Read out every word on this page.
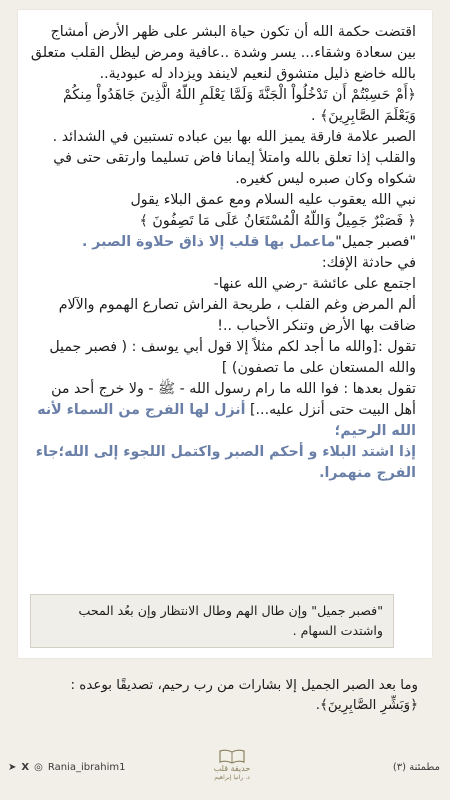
اقتضت حكمة الله أن تكون حياة البشر على ظهر الأرض أمشاج بين سعادة وشقاء... يسر وشدة ..عافية ومرض ليظل القلب متعلق بالله خاضع ذليل متشوق لنعيم لاينفد ويزداد له عبودية..

﴿أَمْ حَسِبْتُمْ أَن تَدْخُلُواْ الْجَنَّةَ وَلَمَّا يَعْلَمِ اللّهُ الَّذِينَ جَاهَدُواْ مِنكُمْ وَيَعْلَمَ الصَّابِرِينَ﴾ .

الصبر علامة فارقة يميز الله بها بين عباده تستبين في الشدائد .

والقلب إذا تعلق بالله وامتلأ إيمانا فاض تسليما وارتقى حتى في شكواه وكان صبره ليس كغيره.

نبي الله يعقوب عليه السلام ومع عمق البلاء يقول

﴿ فَصَبْرٌ جَمِيلٌ وَاللّهُ الْمُسْتَعَانُ عَلَى مَا تَصِفُونَ ﴾

"فصبر جميل"ماعمل بها قلب إلا ذاق حلاوة الصبر .

في حادثة الإفك:

اجتمع على عائشة -رضي الله عنها-

ألم المرض وغم القلب ، طريحة الفراش تصارع الهموم والآلام ضاقت بها الأرض وتنكر الأحباب ..!

تقول :[والله ما أجد لكم مثلاً إلا قول أبي يوسف : ( فصبر جميل والله المستعان على ما تصفون) ]

تقول بعدها : فوا الله ما رام رسول الله - ﷺ - ولا خرج أحد من أهل البيت حتى أنزل عليه...] أنزل لها الفرج من السماء لأنه الله الرحيم؛

إذا اشتد البلاء و أحكم الصبر واكتمل اللجوء إلى الله؛جاء الفرج منهمرا.

"فصبر جميل" وإن طال الهم وطال الانتظار وإن بعُد المحب واشتدت السهام .
وما بعد الصبر الجميل إلا بشارات من رب رحيم، تصديقًا بوعده : ﴿وَبَشِّرِ الصَّابِرِينَ﴾.
➤ X ◎ Rania_ibrahim1	حديقة قلب
د. رانيا إبراهيم
مطمئنة (٣)
